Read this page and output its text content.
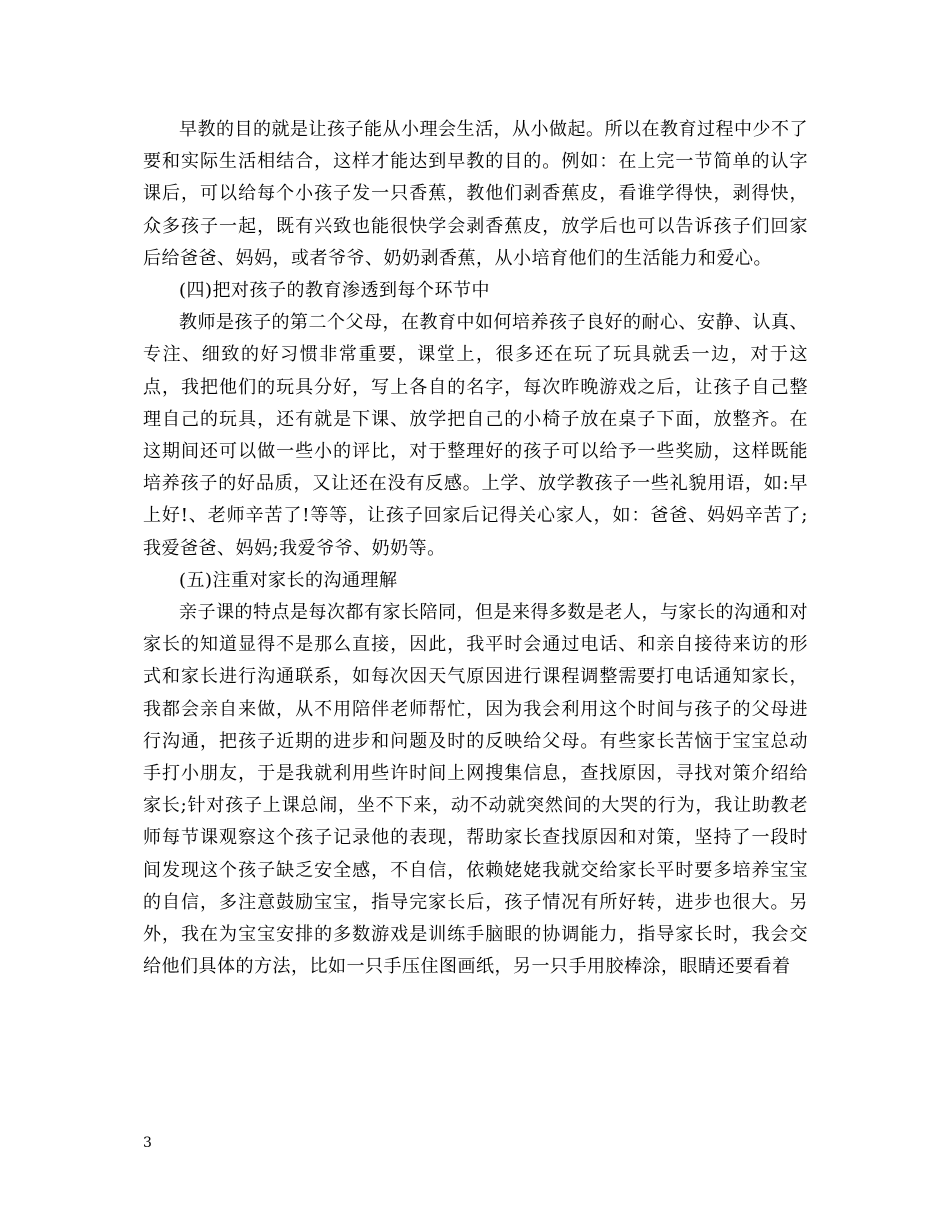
早教的目的就是让孩子能从小理会生活，从小做起。所以在教育过程中少不了要和实际生活相结合，这样才能达到早教的目的。例如：在上完一节简单的认字课后，可以给每个小孩子发一只香蕉，教他们剥香蕉皮，看谁学得快，剥得快，众多孩子一起，既有兴致也能很快学会剥香蕉皮，放学后也可以告诉孩子们回家后给爸爸、妈妈，或者爷爷、奶奶剥香蕉，从小培育他们的生活能力和爱心。

(四)把对孩子的教育渗透到每个环节中

教师是孩子的第二个父母，在教育中如何培养孩子良好的耐心、安静、认真、专注、细致的好习惯非常重要，课堂上，很多还在玩了玩具就丢一边，对于这点，我把他们的玩具分好，写上各自的名字，每次昨晚游戏之后，让孩子自己整理自己的玩具，还有就是下课、放学把自己的小椅子放在桌子下面，放整齐。在这期间还可以做一些小的评比，对于整理好的孩子可以给予一些奖励，这样既能培养孩子的好品质，又让还在没有反感。上学、放学教孩子一些礼貌用语，如:早上好!、老师辛苦了!等等，让孩子回家后记得关心家人，如：爸爸、妈妈辛苦了;我爱爸爸、妈妈;我爱爷爷、奶奶等。

(五)注重对家长的沟通理解

亲子课的特点是每次都有家长陪同，但是来得多数是老人，与家长的沟通和对家长的知道显得不是那么直接，因此，我平时会通过电话、和亲自接待来访的形式和家长进行沟通联系，如每次因天气原因进行课程调整需要打电话通知家长，我都会亲自来做，从不用陪伴老师帮忙，因为我会利用这个时间与孩子的父母进行沟通，把孩子近期的进步和问题及时的反映给父母。有些家长苦恼于宝宝总动手打小朋友，于是我就利用些许时间上网搜集信息，查找原因，寻找对策介绍给家长;针对孩子上课总闹，坐不下来，动不动就突然间的大哭的行为，我让助教老师每节课观察这个孩子记录他的表现，帮助家长查找原因和对策，坚持了一段时间发现这个孩子缺乏安全感，不自信，依赖姥姥我就交给家长平时要多培养宝宝的自信，多注意鼓励宝宝，指导完家长后，孩子情况有所好转，进步也很大。另外，我在为宝宝安排的多数游戏是训练手脑眼的协调能力，指导家长时，我会交给他们具体的方法，比如一只手压住图画纸，另一只手用胶棒涂，眼睛还要看着

3
